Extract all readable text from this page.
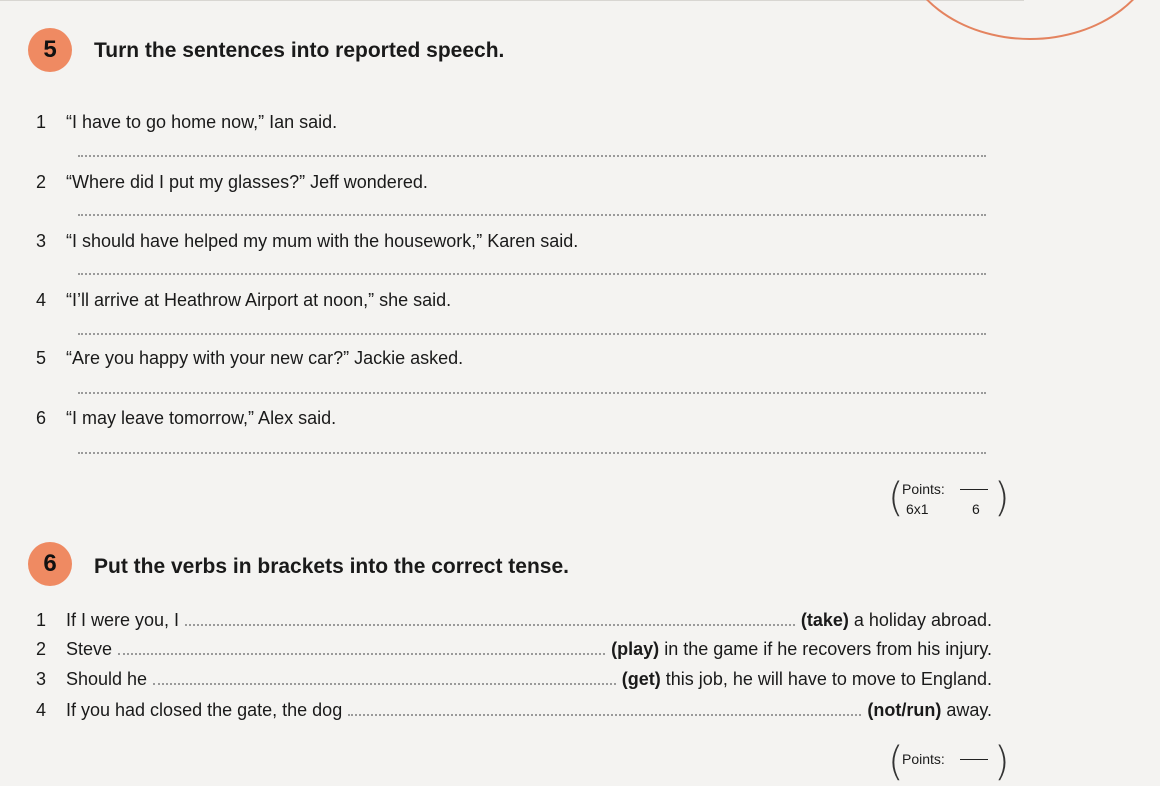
5	Turn the sentences into reported speech.
1 “I have to go home now,” Ian said.
2 “Where did I put my glasses?” Jeff wondered.
3 “I should have helped my mum with the housework,” Karen said.
4 “I’ll arrive at Heathrow Airport at noon,” she said.
5 “Are you happy with your new car?” Jackie asked.
6 “I may leave tomorrow,” Alex said.
(
Points:
6x1	6 )
6	Put the verbs in brackets into the correct tense.
1	If I were you, I	(take) a holiday abroad.
2	Steve	(play) in the game if he recovers from his injury.
3	Should he	(get) this job, he will have to move to England.
4	If you had closed the gate, the dog	(not/run) away.
(
Points: )
